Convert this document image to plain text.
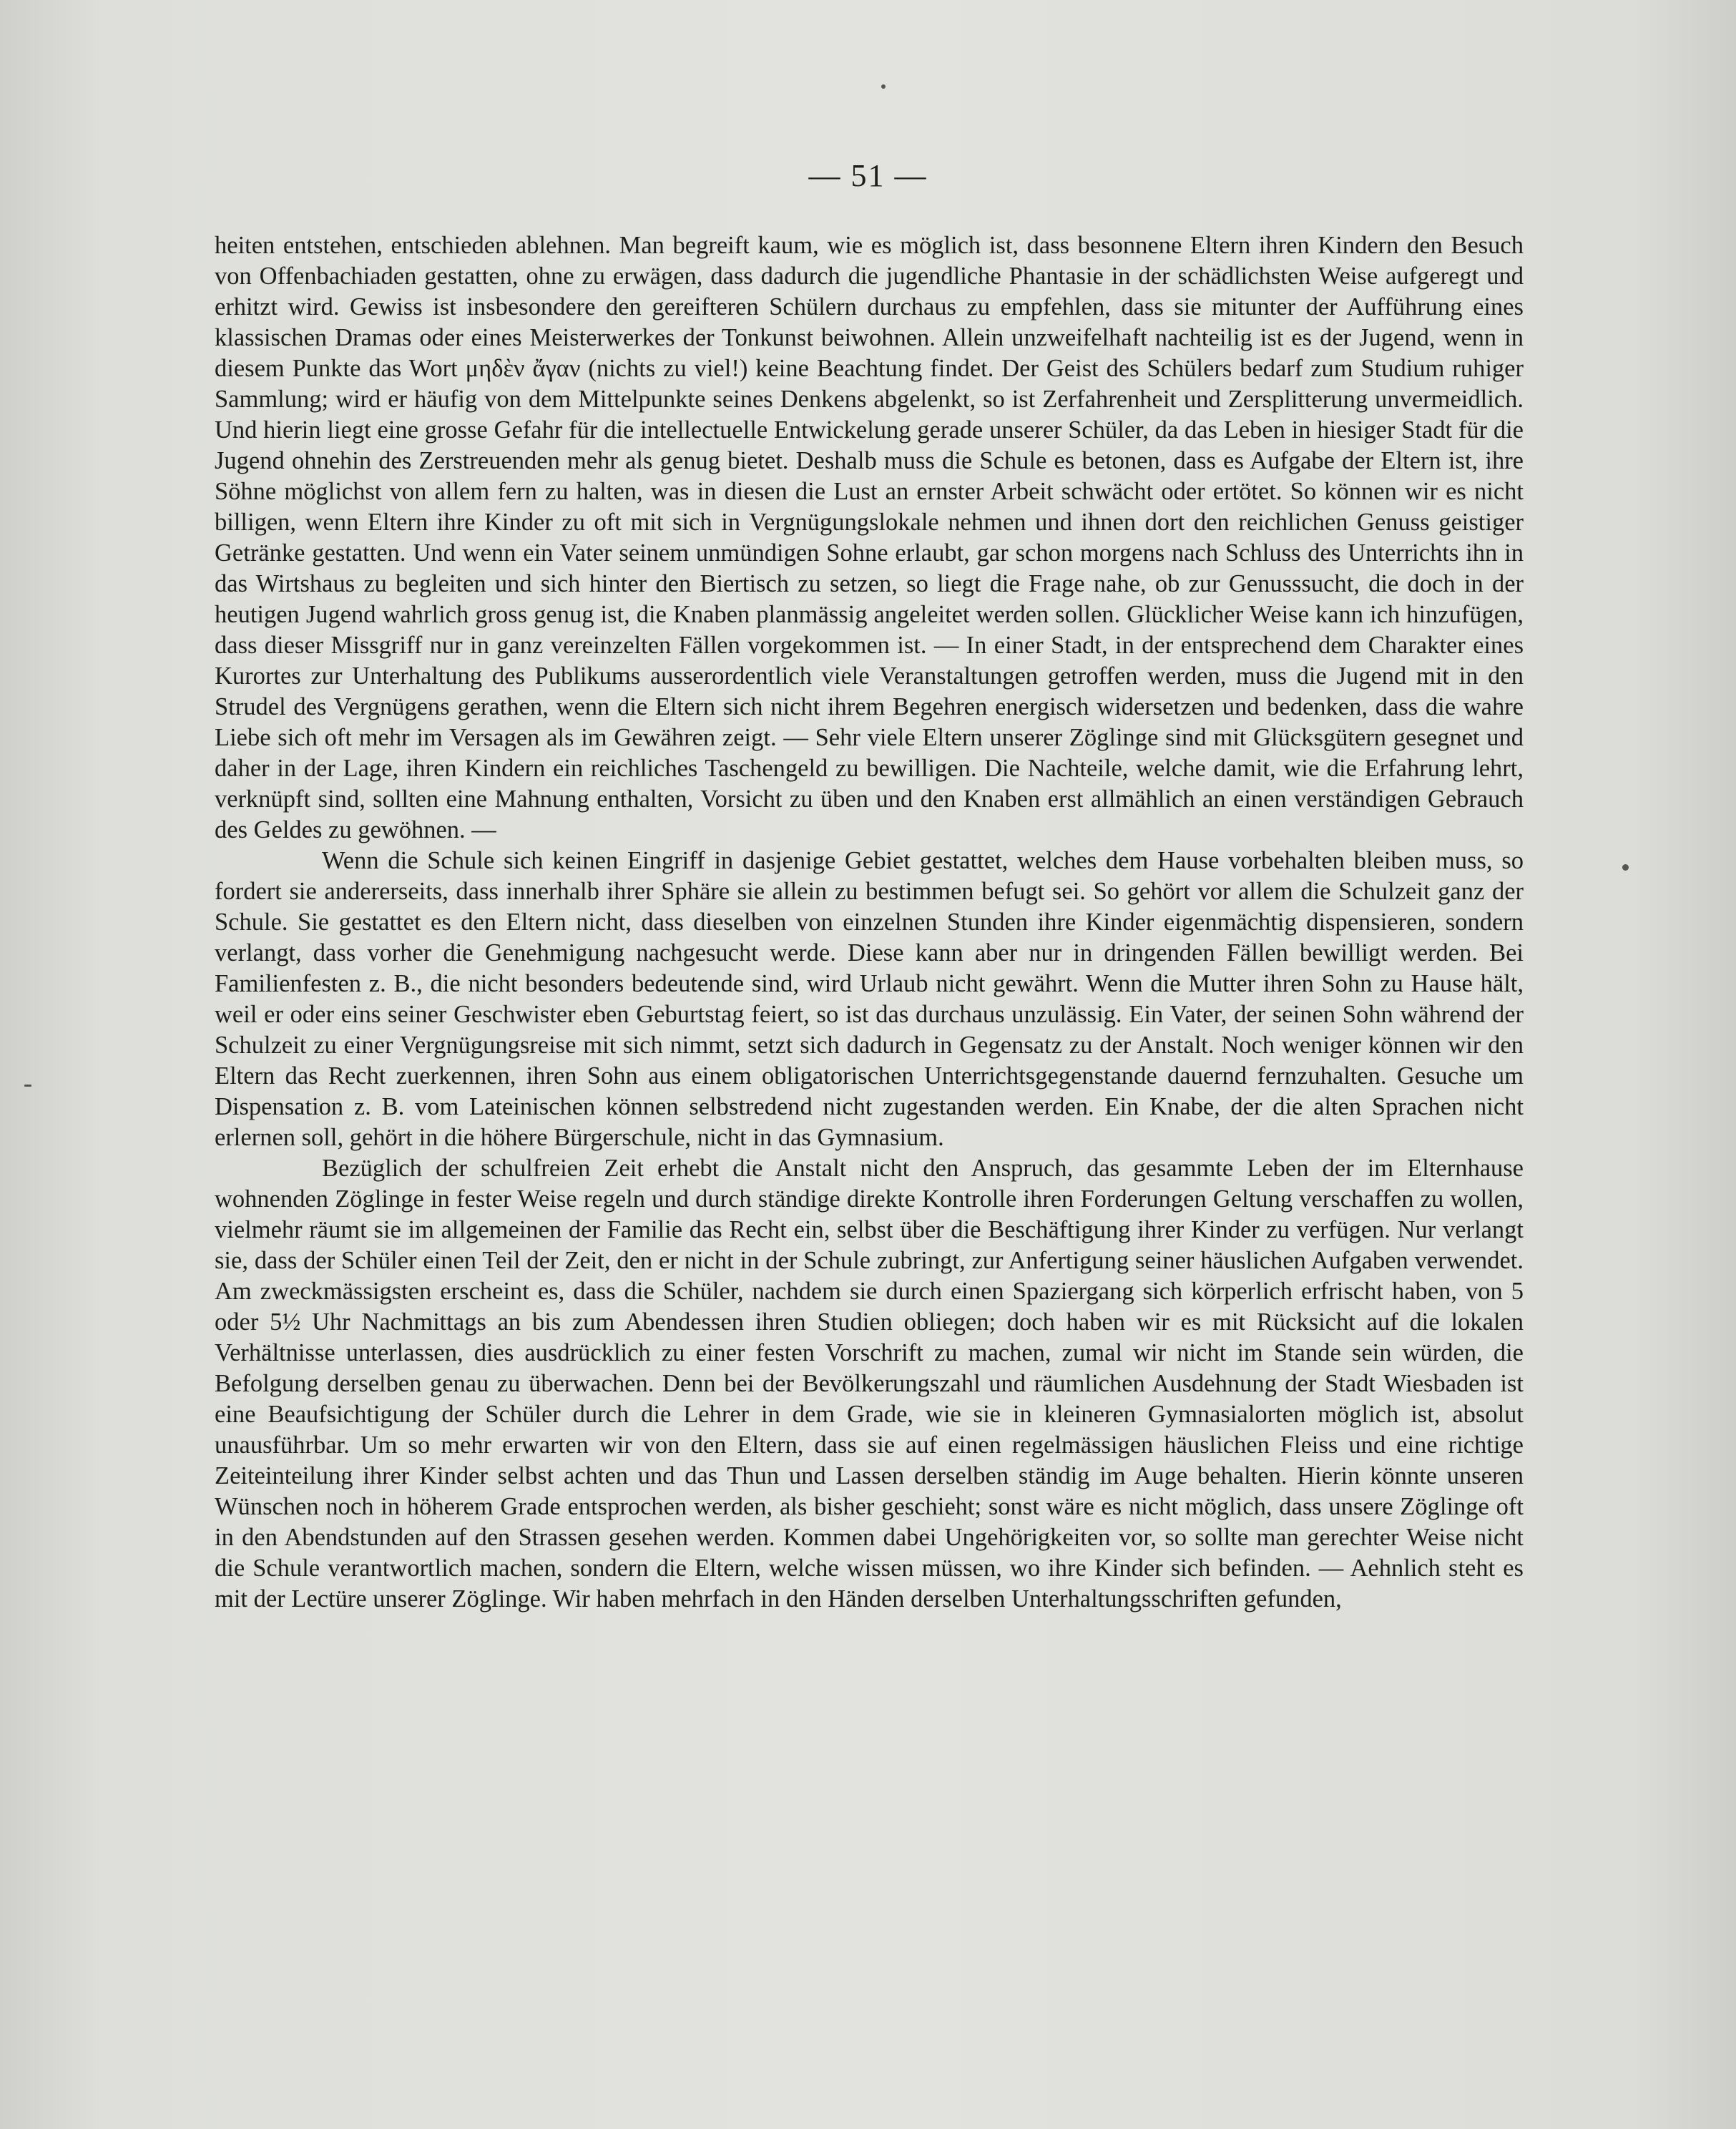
— 51 —

heiten entstehen, entschieden ablehnen. Man begreift kaum, wie es möglich ist, dass besonnene Eltern ihren Kindern den Besuch von Offenbachiaden gestatten, ohne zu erwägen, dass dadurch die jugendliche Phantasie in der schädlichsten Weise aufgeregt und erhitzt wird. Gewiss ist insbesondere den gereifteren Schülern durchaus zu empfehlen, dass sie mitunter der Aufführung eines klassischen Dramas oder eines Meisterwerkes der Tonkunst beiwohnen. Allein unzweifelhaft nachteilig ist es der Jugend, wenn in diesem Punkte das Wort μηδὲν ἄγαν (nichts zu viel!) keine Beachtung findet. Der Geist des Schülers bedarf zum Studium ruhiger Sammlung; wird er häufig von dem Mittelpunkte seines Denkens abgelenkt, so ist Zerfahrenheit und Zersplitterung unvermeidlich. Und hierin liegt eine grosse Gefahr für die intellectuelle Entwickelung gerade unserer Schüler, da das Leben in hiesiger Stadt für die Jugend ohnehin des Zerstreuenden mehr als genug bietet. Deshalb muss die Schule es betonen, dass es Aufgabe der Eltern ist, ihre Söhne möglichst von allem fern zu halten, was in diesen die Lust an ernster Arbeit schwächt oder ertötet. So können wir es nicht billigen, wenn Eltern ihre Kinder zu oft mit sich in Vergnügungslokale nehmen und ihnen dort den reichlichen Genuss geistiger Getränke gestatten. Und wenn ein Vater seinem unmündigen Sohne erlaubt, gar schon morgens nach Schluss des Unterrichts ihn in das Wirtshaus zu begleiten und sich hinter den Biertisch zu setzen, so liegt die Frage nahe, ob zur Genusssucht, die doch in der heutigen Jugend wahrlich gross genug ist, die Knaben planmässig angeleitet werden sollen. Glücklicher Weise kann ich hinzufügen, dass dieser Missgriff nur in ganz vereinzelten Fällen vorgekommen ist. — In einer Stadt, in der entsprechend dem Charakter eines Kurortes zur Unterhaltung des Publikums ausserordentlich viele Veranstaltungen getroffen werden, muss die Jugend mit in den Strudel des Vergnügens gerathen, wenn die Eltern sich nicht ihrem Begehren energisch widersetzen und bedenken, dass die wahre Liebe sich oft mehr im Versagen als im Gewähren zeigt. — Sehr viele Eltern unserer Zöglinge sind mit Glücksgütern gesegnet und daher in der Lage, ihren Kindern ein reichliches Taschengeld zu bewilligen. Die Nachteile, welche damit, wie die Erfahrung lehrt, verknüpft sind, sollten eine Mahnung enthalten, Vorsicht zu üben und den Knaben erst allmählich an einen verständigen Gebrauch des Geldes zu gewöhnen. —

Wenn die Schule sich keinen Eingriff in dasjenige Gebiet gestattet, welches dem Hause vorbehalten bleiben muss, so fordert sie andererseits, dass innerhalb ihrer Sphäre sie allein zu bestimmen befugt sei. So gehört vor allem die Schulzeit ganz der Schule. Sie gestattet es den Eltern nicht, dass dieselben von einzelnen Stunden ihre Kinder eigenmächtig dispensieren, sondern verlangt, dass vorher die Genehmigung nachgesucht werde. Diese kann aber nur in dringenden Fällen bewilligt werden. Bei Familienfesten z. B., die nicht besonders bedeutende sind, wird Urlaub nicht gewährt. Wenn die Mutter ihren Sohn zu Hause hält, weil er oder eins seiner Geschwister eben Geburtstag feiert, so ist das durchaus unzulässig. Ein Vater, der seinen Sohn während der Schulzeit zu einer Vergnügungsreise mit sich nimmt, setzt sich dadurch in Gegensatz zu der Anstalt. Noch weniger können wir den Eltern das Recht zuerkennen, ihren Sohn aus einem obligatorischen Unterrichtsgegenstande dauernd fernzuhalten. Gesuche um Dispensation z. B. vom Lateinischen können selbstredend nicht zugestanden werden. Ein Knabe, der die alten Sprachen nicht erlernen soll, gehört in die höhere Bürgerschule, nicht in das Gymnasium.

Bezüglich der schulfreien Zeit erhebt die Anstalt nicht den Anspruch, das gesammte Leben der im Elternhause wohnenden Zöglinge in fester Weise regeln und durch ständige direkte Kontrolle ihren Forderungen Geltung verschaffen zu wollen, vielmehr räumt sie im allgemeinen der Familie das Recht ein, selbst über die Beschäftigung ihrer Kinder zu verfügen. Nur verlangt sie, dass der Schüler einen Teil der Zeit, den er nicht in der Schule zubringt, zur Anfertigung seiner häuslichen Aufgaben verwendet. Am zweckmässigsten erscheint es, dass die Schüler, nachdem sie durch einen Spaziergang sich körperlich erfrischt haben, von 5 oder 5½ Uhr Nachmittags an bis zum Abendessen ihren Studien obliegen; doch haben wir es mit Rücksicht auf die lokalen Verhältnisse unterlassen, dies ausdrücklich zu einer festen Vorschrift zu machen, zumal wir nicht im Stande sein würden, die Befolgung derselben genau zu überwachen. Denn bei der Bevölkerungszahl und räumlichen Ausdehnung der Stadt Wiesbaden ist eine Beaufsichtigung der Schüler durch die Lehrer in dem Grade, wie sie in kleineren Gymnasialorten möglich ist, absolut unausführbar. Um so mehr erwarten wir von den Eltern, dass sie auf einen regelmässigen häuslichen Fleiss und eine richtige Zeiteinteilung ihrer Kinder selbst achten und das Thun und Lassen derselben ständig im Auge behalten. Hierin könnte unseren Wünschen noch in höherem Grade entsprochen werden, als bisher geschieht; sonst wäre es nicht möglich, dass unsere Zöglinge oft in den Abendstunden auf den Strassen gesehen werden. Kommen dabei Ungehörigkeiten vor, so sollte man gerechter Weise nicht die Schule verantwortlich machen, sondern die Eltern, welche wissen müssen, wo ihre Kinder sich befinden. — Aehnlich steht es mit der Lectüre unserer Zöglinge. Wir haben mehrfach in den Händen derselben Unterhaltungsschriften gefunden,
